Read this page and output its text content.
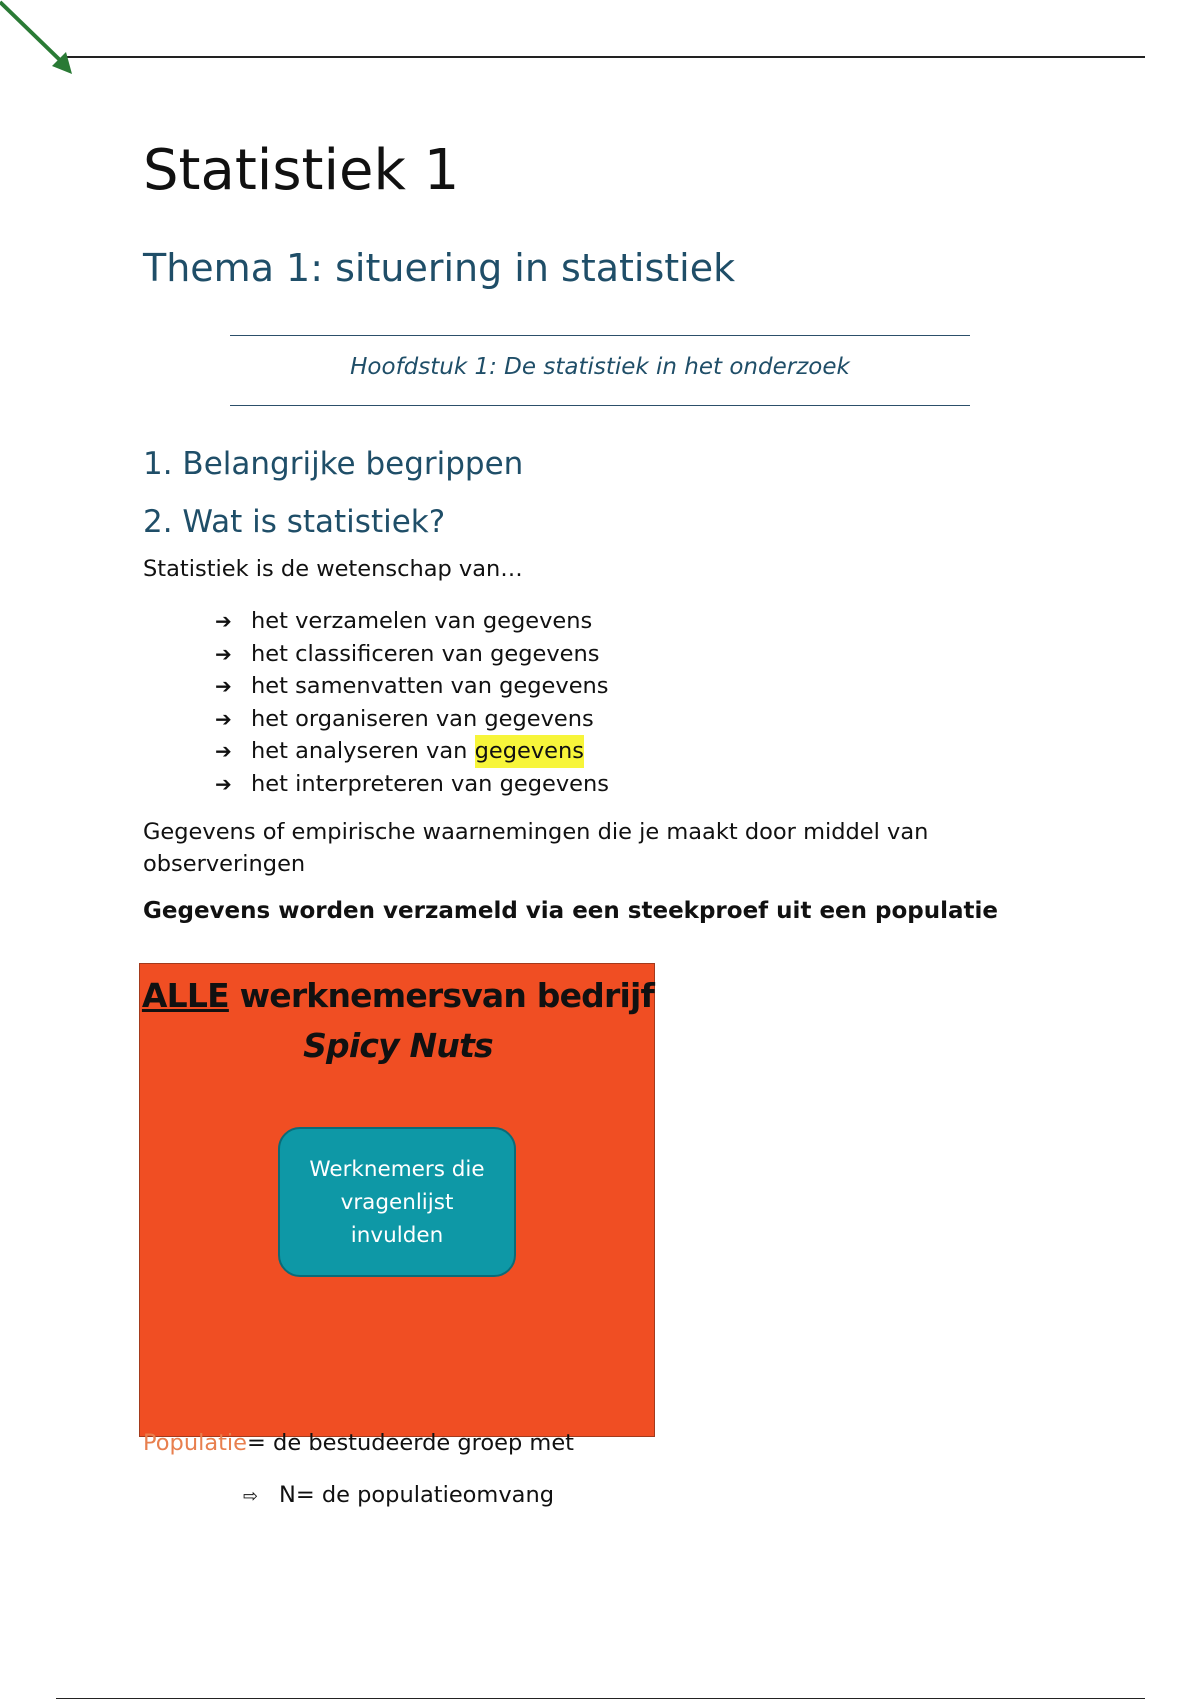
Statistiek 1
Thema 1: situering in statistiek
Hoofdstuk 1: De statistiek in het onderzoek
1. Belangrijke begrippen
2. Wat is statistiek?
Statistiek is de wetenschap van…
➔ het verzamelen van gegevens
➔ het classificeren van gegevens
➔ het samenvatten van gegevens
➔ het organiseren van gegevens
➔ het analyseren van
gegevens
➔ het interpreteren van gegevens
Gegevens of empirische waarnemingen die je maakt door middel van observeringen
Gegevens worden verzameld via een steekproef uit een populatie
ALLE werknemersvan bedrijf
Spicy Nuts
Werknemers die vragenlijst invulden
Populatie= de bestudeerde groep met
⇨ N= de populatieomvang
